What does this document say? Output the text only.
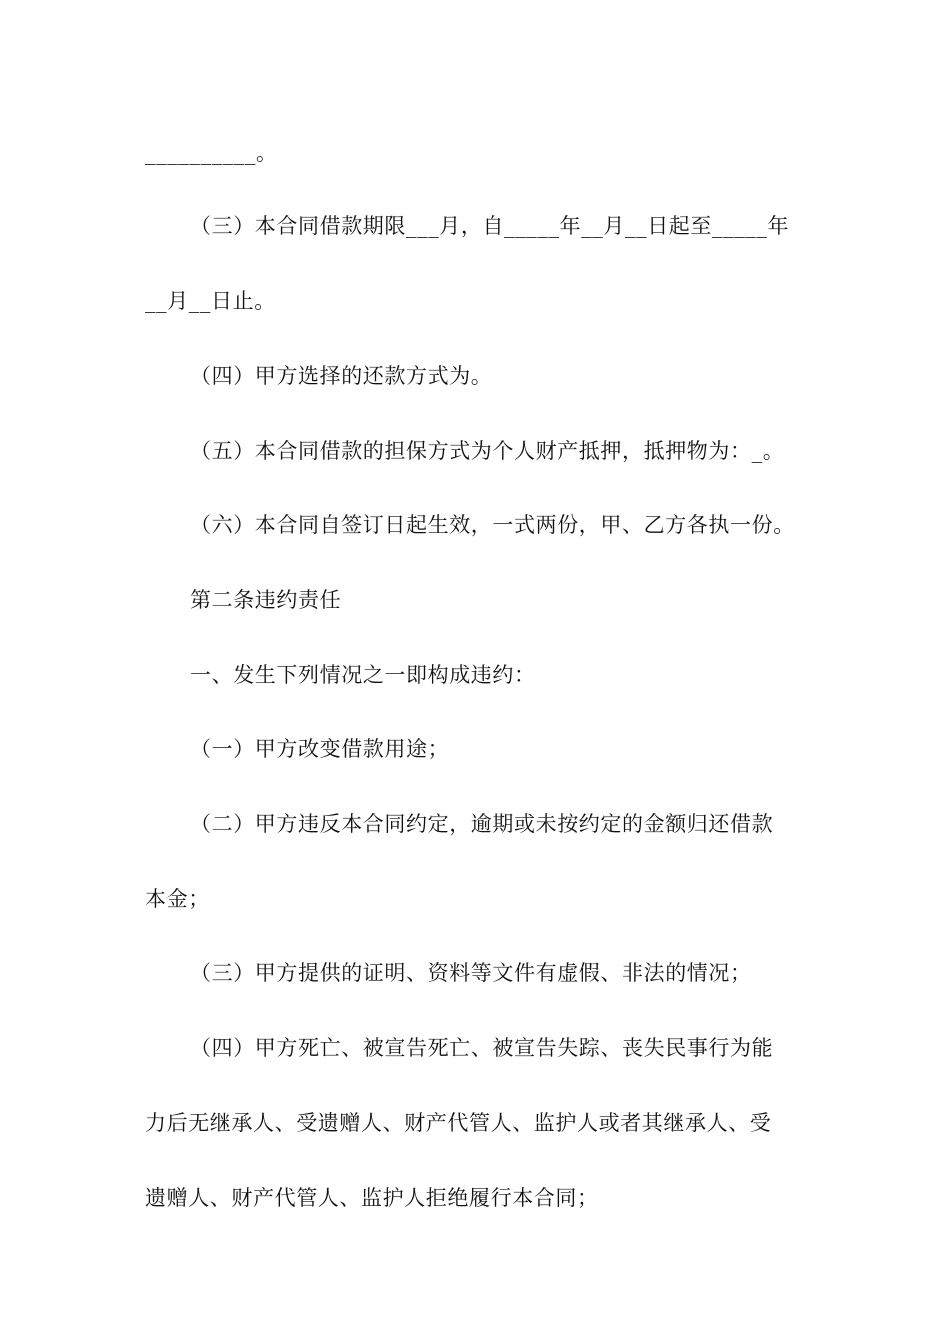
__________。
（三）本合同借款期限___月，自_____年__月__日起至_____年
__月__日止。
（四）甲方选择的还款方式为。
（五）本合同借款的担保方式为个人财产抵押，抵押物为：_。
（六）本合同自签订日起生效，一式两份，甲、乙方各执一份。
第二条违约责任
一、发生下列情况之一即构成违约：
（一）甲方改变借款用途；
（二）甲方违反本合同约定，逾期或未按约定的金额归还借款
本金；
（三）甲方提供的证明、资料等文件有虚假、非法的情况；
（四）甲方死亡、被宣告死亡、被宣告失踪、丧失民事行为能
力后无继承人、受遗赠人、财产代管人、监护人或者其继承人、受
遗赠人、财产代管人、监护人拒绝履行本合同；
